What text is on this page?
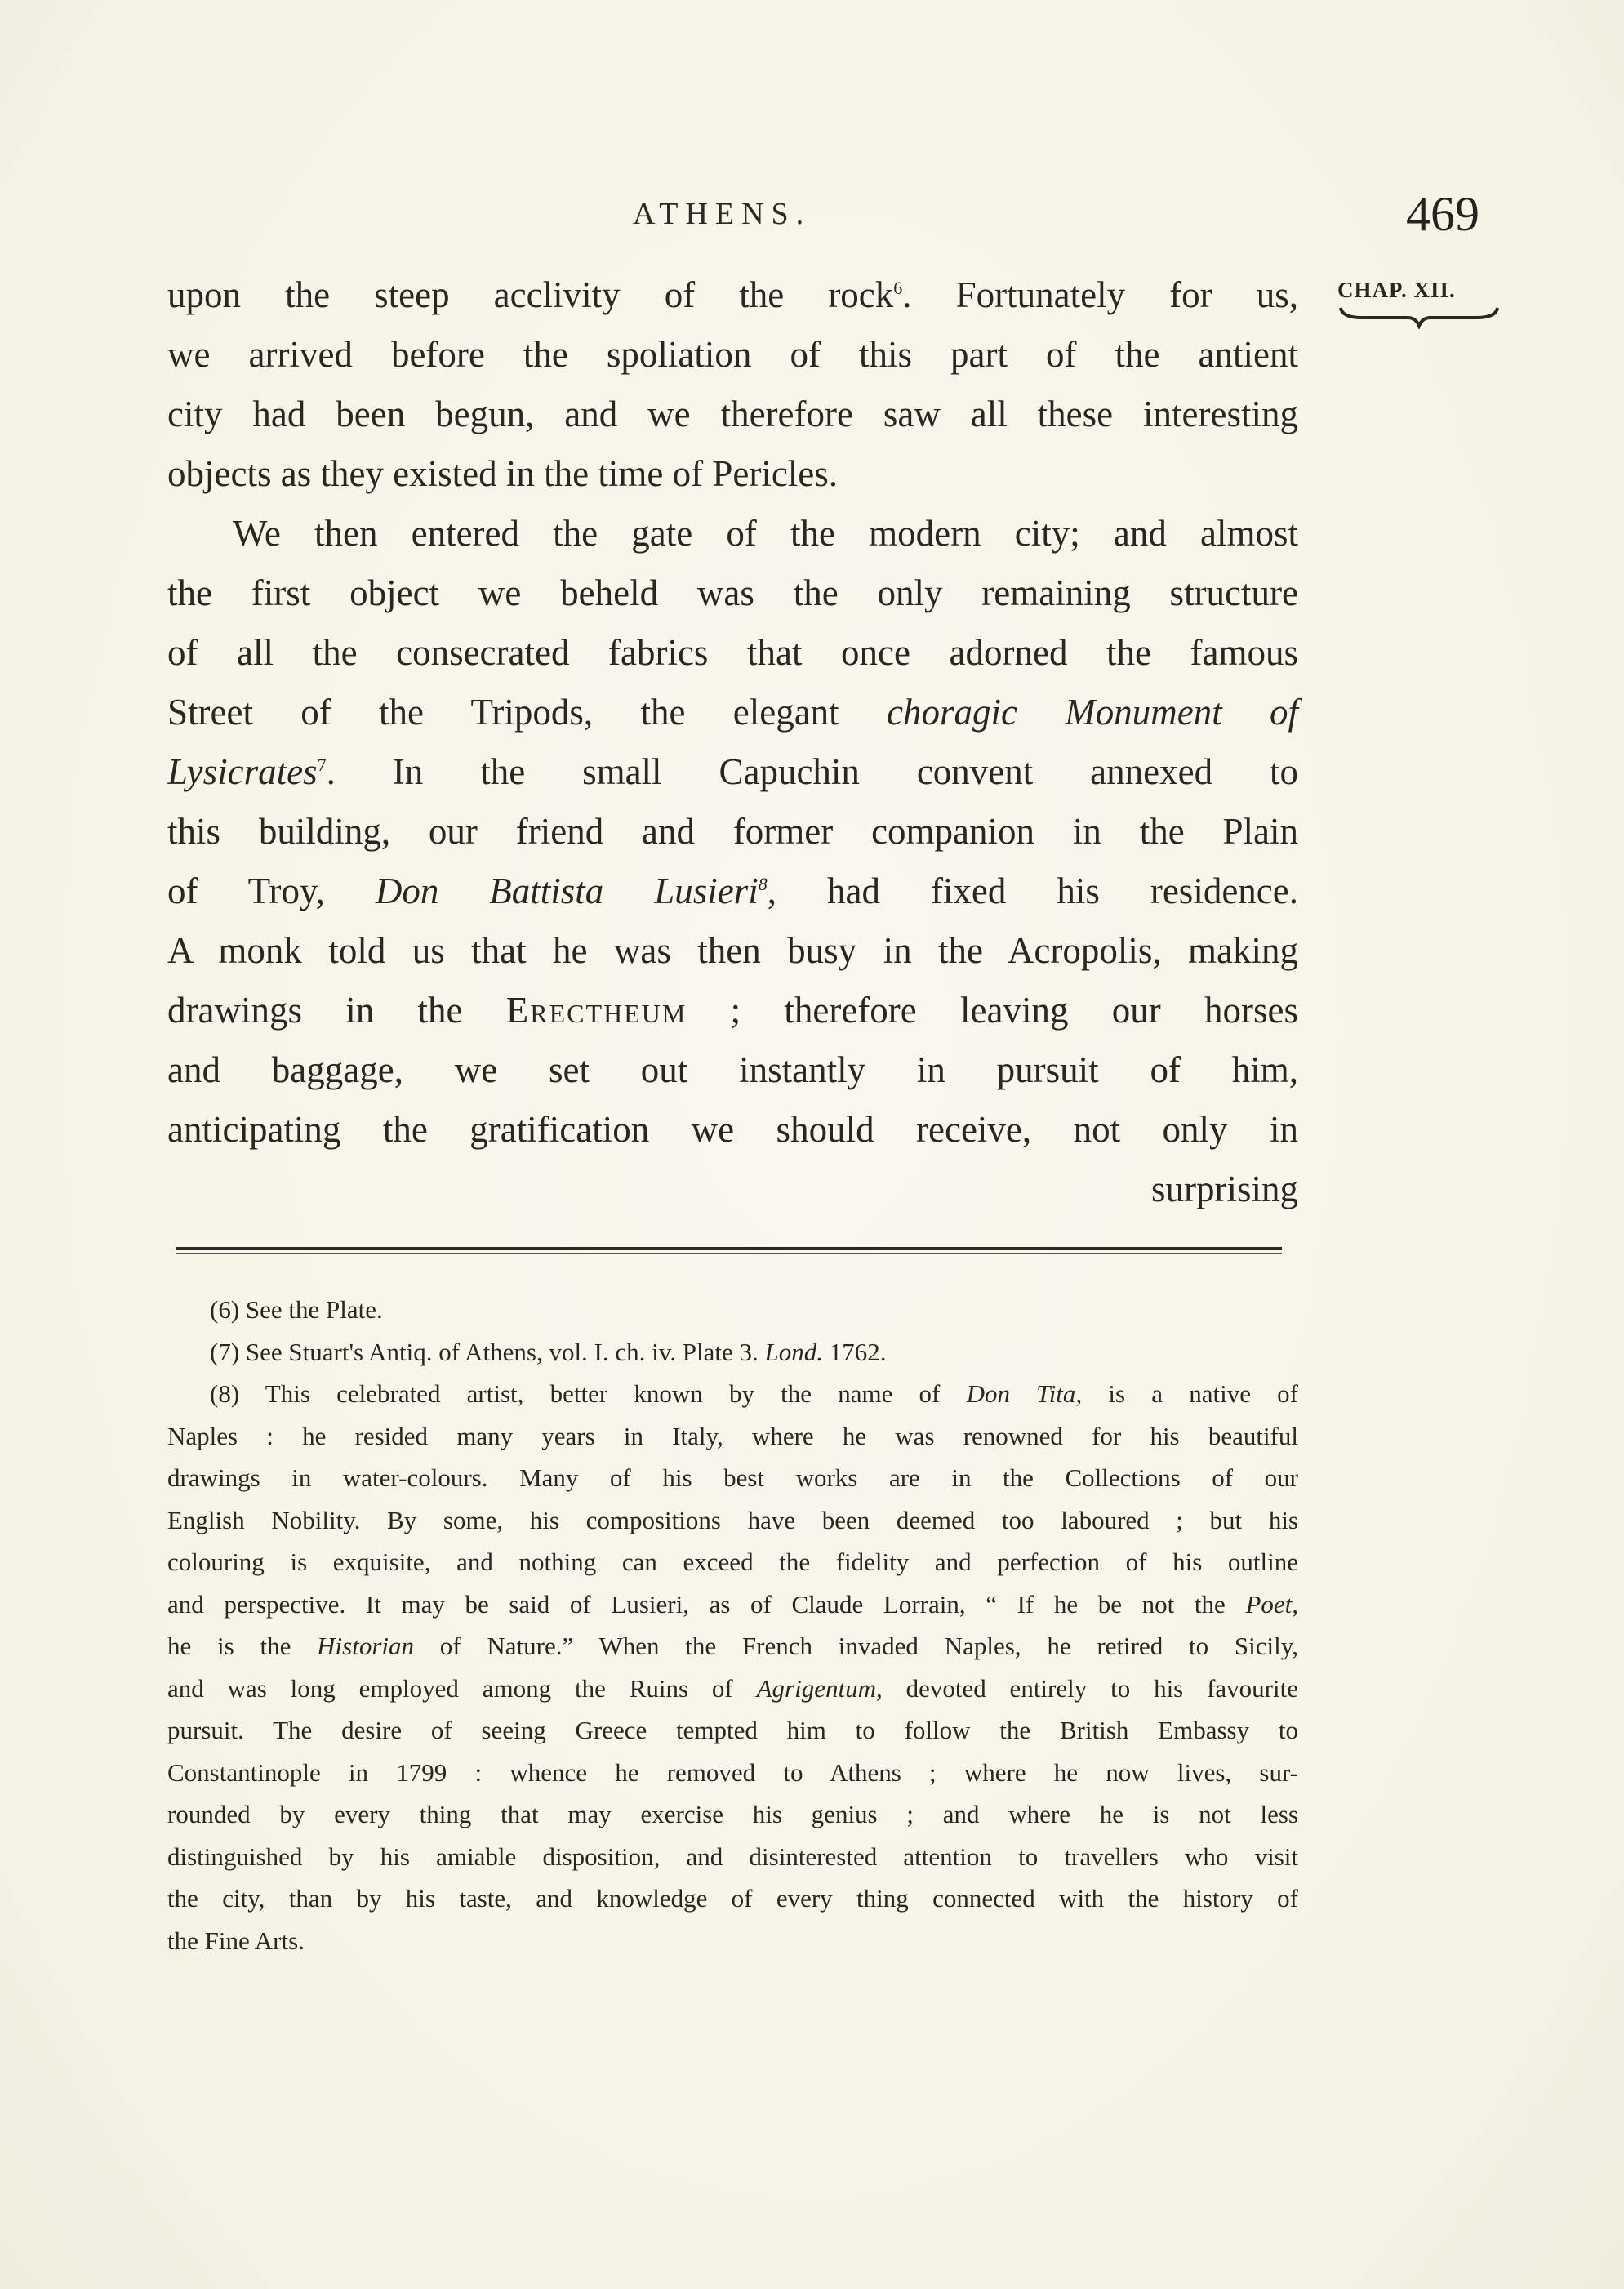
ATHENS.	469
CHAP. XII.
upon the steep acclivity of the rock$^6$. Fortunately for us,
we arrived before the spoliation of this part of the antient
city had been begun, and we therefore saw all these interesting
objects as they existed in the time of Pericles.
We then entered the gate of the modern city; and almost
the first object we beheld was the only remaining structure
of all the consecrated fabrics that once adorned the famous
Street of the Tripods, the elegant choragic Monument of
Lysicrates$^7$. In the small Capuchin convent annexed to
this building, our friend and former companion in the Plain
of Troy, Don Battista Lusieri$^8$, had fixed his residence.
A monk told us that he was then busy in the Acropolis, making
drawings in the Erectheum ; therefore leaving our horses
and baggage, we set out instantly in pursuit of him,
anticipating the gratification we should receive, not only in
surprising
(6) See the Plate.
(7) See Stuart's Antiq. of Athens, vol. I. ch. iv. Plate 3. Lond. 1762.
(8) This celebrated artist, better known by the name of Don Tita, is a native of
Naples : he resided many years in Italy, where he was renowned for his beautiful
drawings in water-colours. Many of his best works are in the Collections of our
English Nobility. By some, his compositions have been deemed too laboured ; but his
colouring is exquisite, and nothing can exceed the fidelity and perfection of his outline
and perspective. It may be said of Lusieri, as of Claude Lorrain, “ If he be not the Poet,
he is the Historian of Nature.” When the French invaded Naples, he retired to Sicily,
and was long employed among the Ruins of Agrigentum, devoted entirely to his favourite
pursuit. The desire of seeing Greece tempted him to follow the British Embassy to
Constantinople in 1799 : whence he removed to Athens ; where he now lives, sur-
rounded by every thing that may exercise his genius ; and where he is not less
distinguished by his amiable disposition, and disinterested attention to travellers who visit
the city, than by his taste, and knowledge of every thing connected with the history of
the Fine Arts.
